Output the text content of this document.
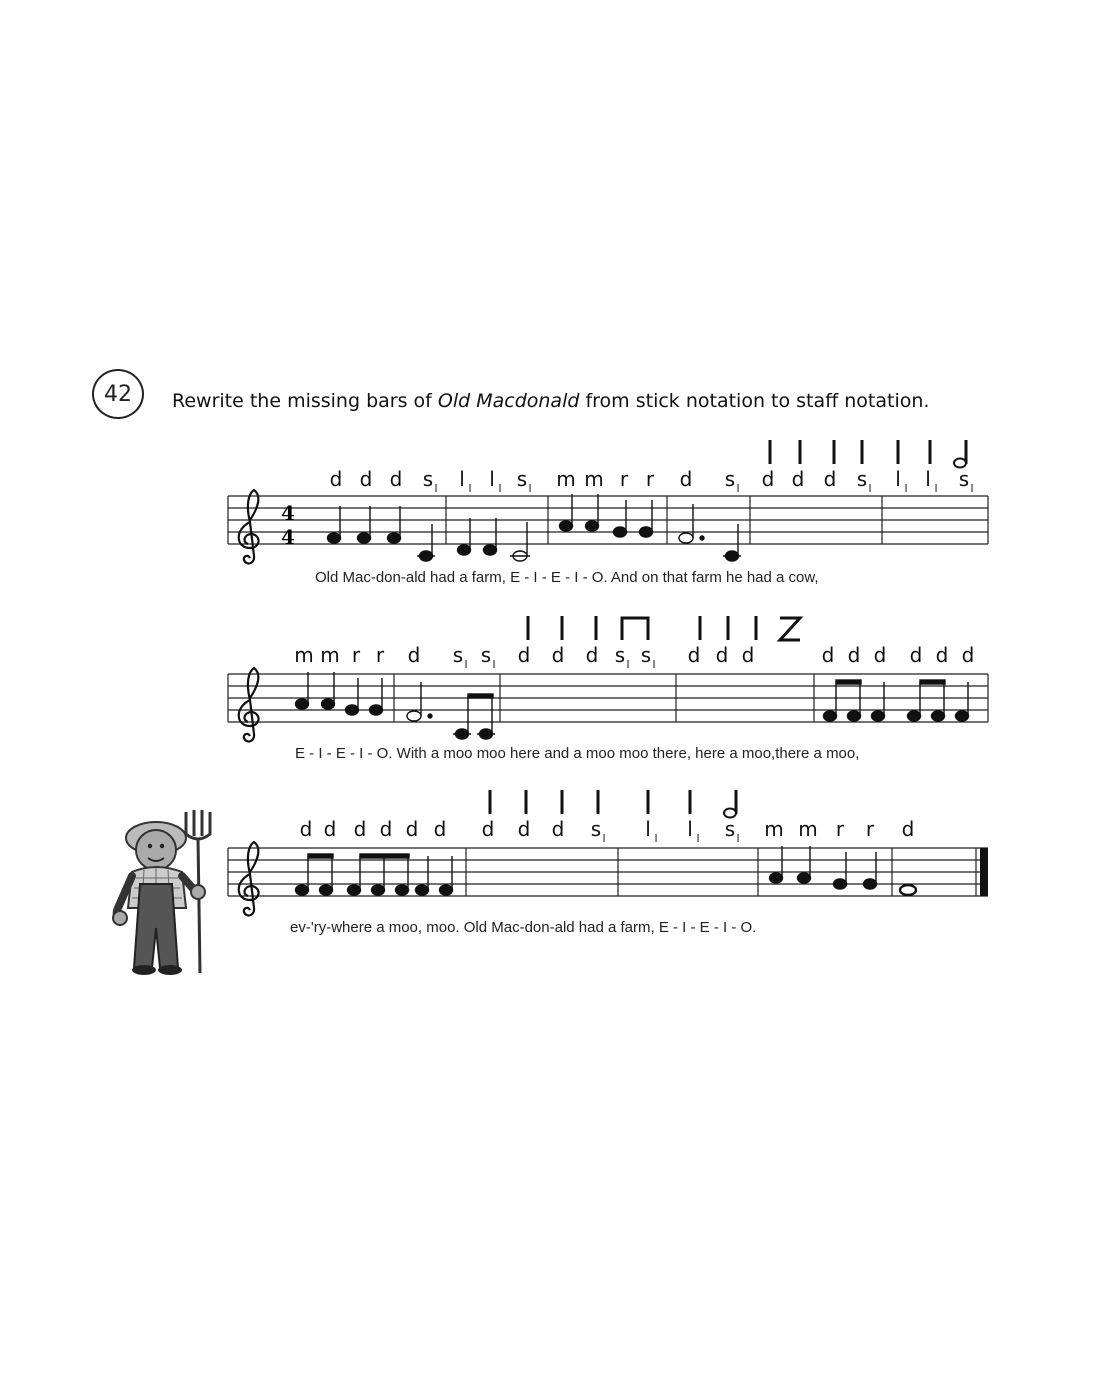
42	Rewrite the missing bars of Old Macdonald from stick notation to staff notation.
4
4
d d d s l l l l l s l m m r r d s l d d d s l l l l l s l
m m r r d s l s l d d d s l s l d d d	d d d d d d
d d d d d d d d d s l l l l l s l m m r r d
Old Mac-don-ald had a farm, E - I - E - I - O. And on that farm he had a cow,
E - I - E - I - O. With a moo moo here and a moo moo there, here a moo,there a moo,
ev-'ry-where a moo, moo. Old Mac-don-ald had a farm, E - I - E - I - O.
